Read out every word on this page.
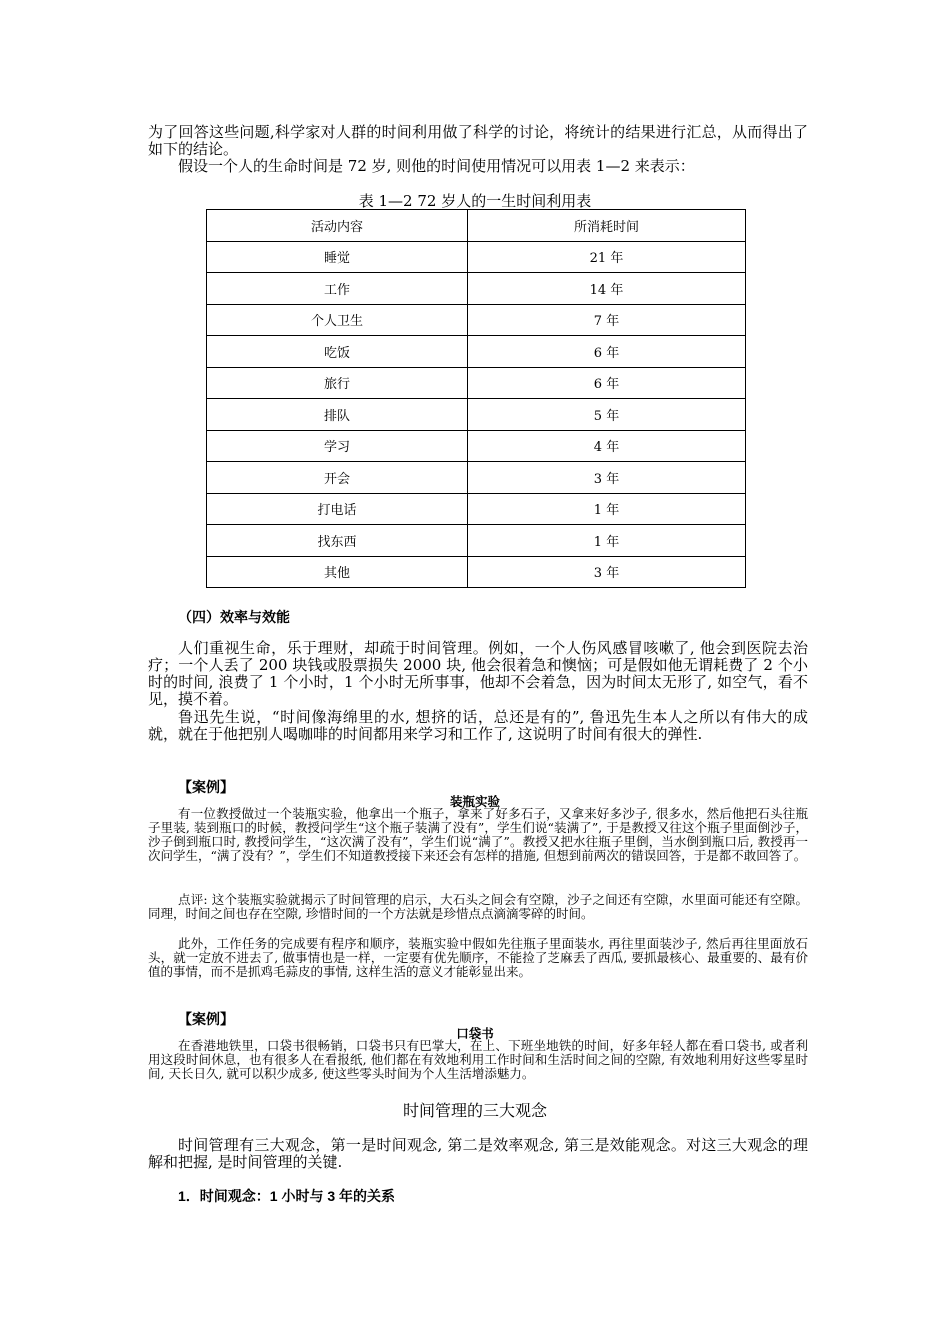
为了回答这些问题,科学家对人群的时间利用做了科学的讨论，将统计的结果进行汇总，从而得出了如下的结论。
假设一个人的生命时间是 72 岁, 则他的时间使用情况可以用表 1—2 来表示：
表 1—2 72 岁人的一生时间利用表
活动内容	所消耗时间
睡觉	21 年
工作	14 年
个人卫生	7 年
吃饭	6 年
旅行	6 年
排队	5 年
学习	4 年
开会	3 年
打电话	1 年
找东西	1 年
其他	3 年
（四）效率与效能
人们重视生命，乐于理财，却疏于时间管理。例如，一个人伤风感冒咳嗽了, 他会到医院去治疗；一个人丢了 200 块钱或股票损失 2000 块, 他会很着急和懊恼；可是假如他无谓耗费了 2 个小时的时间, 浪费了 1 个小时，1 个小时无所事事，他却不会着急，因为时间太无形了, 如空气，看不见，摸不着。
鲁迅先生说，“时间像海绵里的水, 想挤的话，总还是有的”, 鲁迅先生本人之所以有伟大的成就，就在于他把别人喝咖啡的时间都用来学习和工作了, 这说明了时间有很大的弹性.
【案例】
装瓶实验
有一位教授做过一个装瓶实验，他拿出一个瓶子，拿来了好多石子，又拿来好多沙子, 很多水，然后他把石头往瓶子里装, 装到瓶口的时候，教授问学生“这个瓶子装满了没有”，学生们说“装满了”, 于是教授又往这个瓶子里面倒沙子，沙子倒到瓶口时, 教授问学生，“这次满了没有”，学生们说“满了”。教授又把水往瓶子里倒，当水倒到瓶口后, 教授再一次问学生，“满了没有？”，学生们不知道教授接下来还会有怎样的措施, 但想到前两次的错误回答，于是都不敢回答了。
点评: 这个装瓶实验就揭示了时间管理的启示，大石头之间会有空隙，沙子之间还有空隙，水里面可能还有空隙。同理，时间之间也存在空隙, 珍惜时间的一个方法就是珍惜点点滴滴零碎的时间。
此外，工作任务的完成要有程序和顺序，装瓶实验中假如先往瓶子里面装水, 再往里面装沙子, 然后再往里面放石头，就一定放不进去了, 做事情也是一样，一定要有优先顺序，不能捡了芝麻丢了西瓜, 要抓最核心、最重要的、最有价值的事情，而不是抓鸡毛蒜皮的事情, 这样生活的意义才能彰显出来。
【案例】
口袋书
在香港地铁里，口袋书很畅销，口袋书只有巴掌大，在上、下班坐地铁的时间，好多年轻人都在看口袋书, 或者利用这段时间休息，也有很多人在看报纸, 他们都在有效地利用工作时间和生活时间之间的空隙, 有效地利用好这些零星时间, 天长日久, 就可以积少成多, 使这些零头时间为个人生活增添魅力。
时间管理的三大观念
时间管理有三大观念，第一是时间观念, 第二是效率观念, 第三是效能观念。对这三大观念的理解和把握, 是时间管理的关键.
1．时间观念：1 小时与 3 年的关系
